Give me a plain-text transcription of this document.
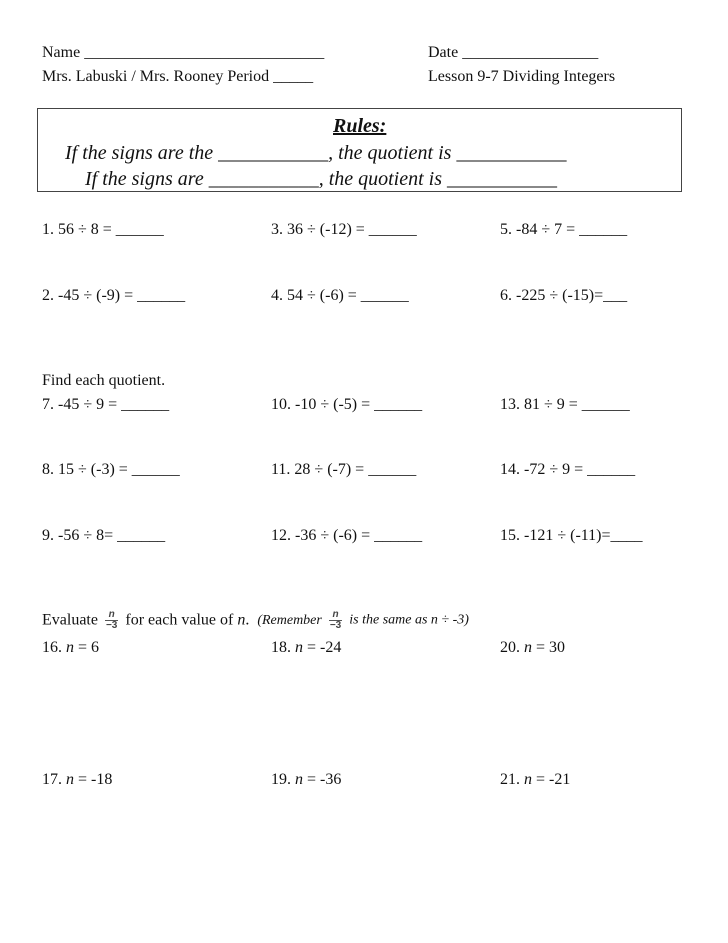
Name ______________________________	Date _________________
Mrs. Labuski / Mrs. Rooney Period _____	Lesson 9-7 Dividing Integers
Rules:
If the signs are the ___________, the quotient is ___________
If the signs are ___________, the quotient is ___________
1. 56 ÷ 8 = ______	3. 36 ÷ (-12) = ______	5. -84 ÷ 7 = ______
2. -45 ÷ (-9) = ______	4. 54 ÷ (-6) = ______	6. -225 ÷ (-15)=___
Find each quotient.
7. -45 ÷ 9 = ______	10. -10 ÷ (-5) = ______	13. 81 ÷ 9 = ______
8. 15 ÷ (-3) = ______	11. 28 ÷ (-7) = ______	14. -72 ÷ 9 = ______
9. -56 ÷ 8= ______	12. -36 ÷ (-6) = ______	15. -121 ÷ (-11)=____
Evaluate $\frac{n}{-3}$ for each value of n. (Remember $\frac{n}{-3}$ is the same as n ÷ -3)
16. n = 6	18. n = -24	20. n = 30
17. n = -18	19. n = -36	21. n = -21
